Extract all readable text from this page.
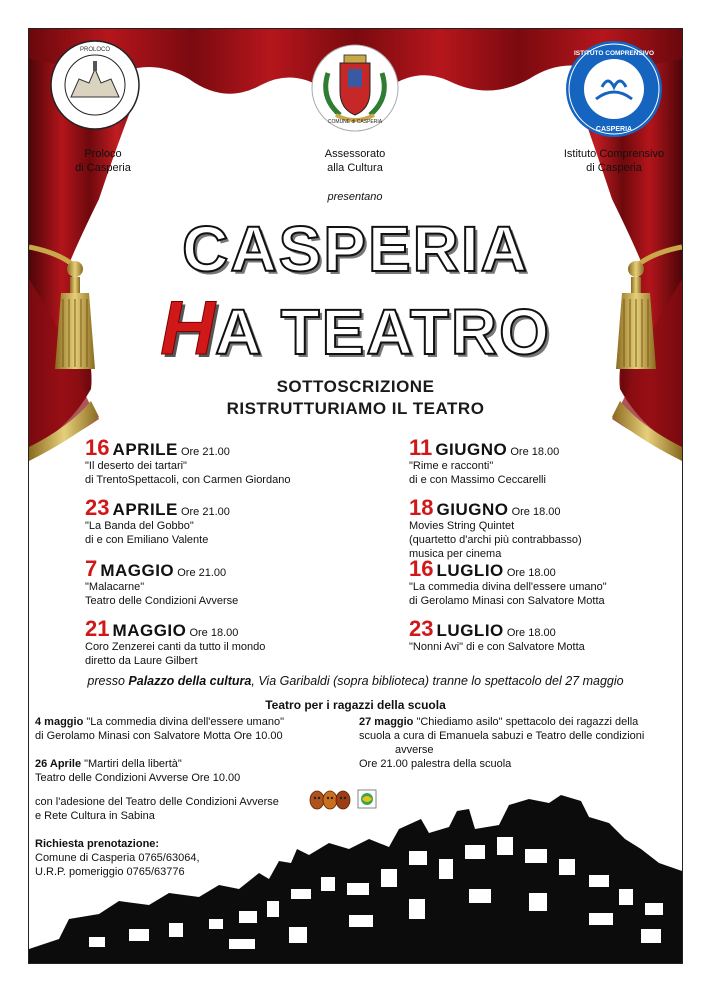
PROLOCO
COMUNE di CASPERIA
ISTITUTO COMPRENSIVO
CASPERIA
Proloco
di Casperia
Assessorato
alla Cultura
Istituto Comprensivo
di Casperia
presentano
CASPERIA
HA TEATRO
SOTTOSCRIZIONE
RISTRUTTURIAMO IL TEATRO
16 APRILE Ore 21.00
"Il deserto dei tartari"
di TrentoSpettacoli, con Carmen Giordano
23 APRILE Ore 21.00
"La Banda del Gobbo"
di e con Emiliano Valente
7 MAGGIO Ore 21.00
"Malacarne"
Teatro delle Condizioni Avverse
21 MAGGIO Ore 18.00
Coro Zenzerei canti da tutto il mondo
diretto da Laure Gilbert
11 GIUGNO Ore 18.00
"Rime e racconti"
di e con Massimo Ceccarelli
18 GIUGNO Ore 18.00
Movies String Quintet
(quartetto d'archi più contrabbasso)
musica per cinema
16 LUGLIO Ore 18.00
"La commedia divina dell'essere umano"
di Gerolamo Minasi con Salvatore Motta
23 LUGLIO Ore 18.00
"Nonni Avi" di e con Salvatore Motta
presso Palazzo della cultura, Via Garibaldi (sopra biblioteca) tranne lo spettacolo del 27 maggio
Teatro per i ragazzi della scuola
4 maggio "La commedia divina dell'essere umano"
di Gerolamo Minasi con Salvatore Motta Ore 10.00
26 Aprile "Martiri della libertà"
Teatro delle Condizioni Avverse Ore 10.00
27 maggio "Chiediamo asilo" spettacolo dei ragazzi della
scuola a cura di Emanuela sabuzi e Teatro delle condizioni
avverse
Ore 21.00 palestra della scuola
con l'adesione del Teatro delle Condizioni Avverse
e Rete Cultura in Sabina
Richiesta prenotazione:
Comune di Casperia 0765/63064,
U.R.P. pomeriggio 0765/63776
